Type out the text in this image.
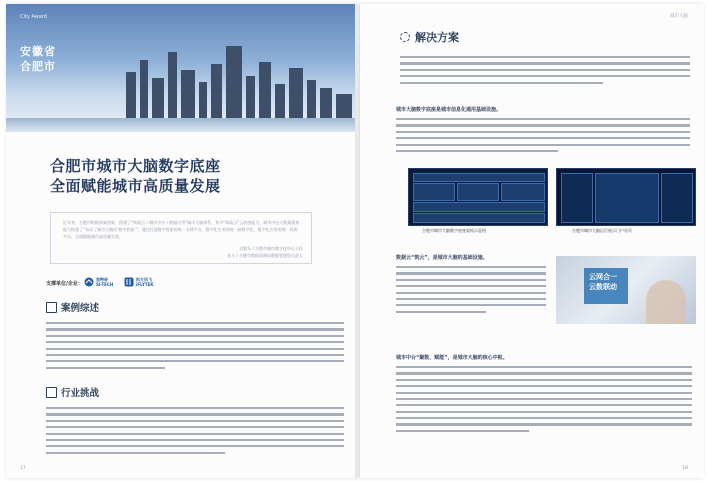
City Award
安徽省
合肥市
合肥市城市大脑数字底座
全面赋能城市高质量发展
近年来，合肥市积极探索创新，搭建了“简政云＋城市中台＋数据应用”城市大脑体系，其中“简政云”云底座能力，城市中台大数据服务能力搭建了“布局了城市大脑的‘数字底座’”，通过打造数字底座的统一支撑平台，数字化应用的统一接数字化，数字化应用的统一资源平台，全面赋能城市高质量发展。
吴毅军 / 合肥市城市数字化中心主任
张斗 / 合肥市数据资源局数据管理处负责人
支撑单位/企业：
思特奇
SI-TECH
科大讯飞
iFLYTEK
案例综述
行业挑战
17
城市大脑
解决方案
城市大脑数字底座是城市信息化通用基础设施。
合肥市城市大脑数字底座架构示意图	合肥市城市大脑运行展示门户首页
数据云“筑云”，是城市大脑的基础设施。
云网合一
云数联动
城市中台“聚数、赋能”，是城市大脑的核心中枢。
18
